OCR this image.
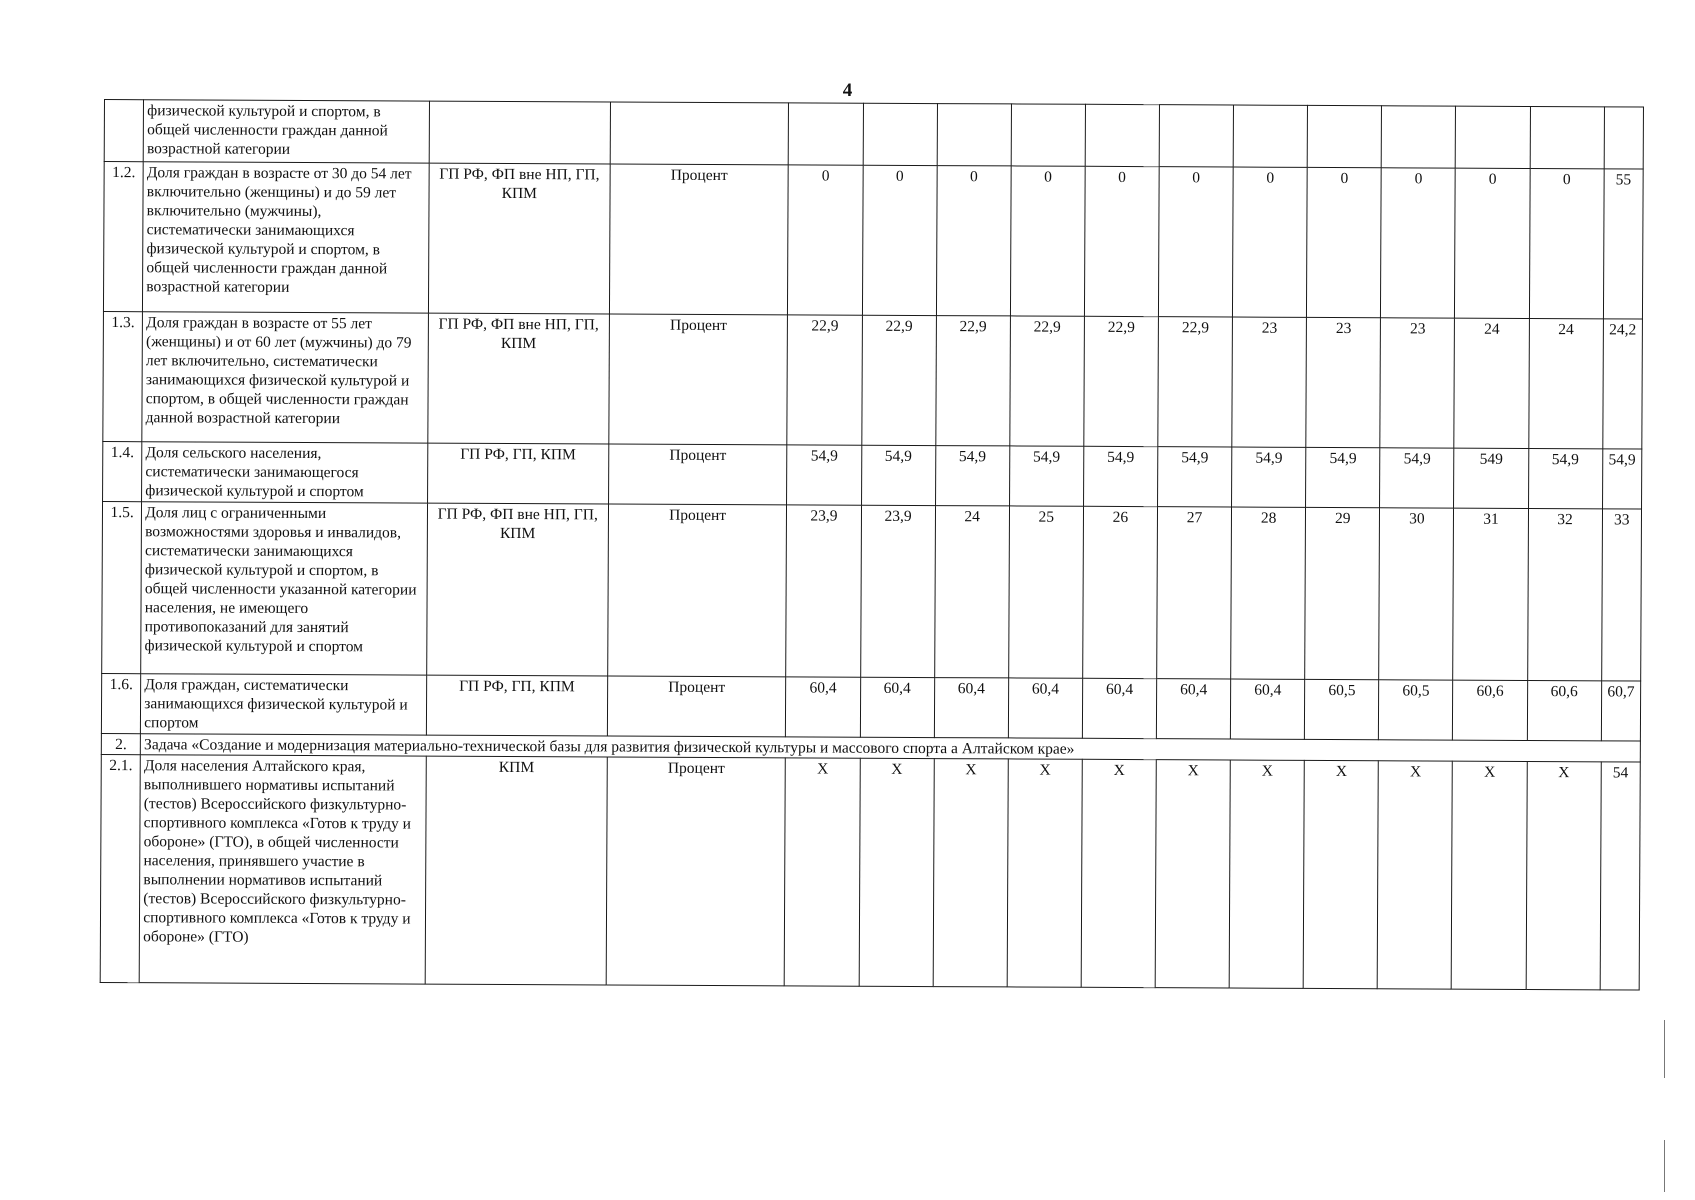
4
	физической культурой и спортом, в общей численности граждан данной возрастной категории														
1.2.	Доля граждан в возрасте от 30 до 54 лет включительно (женщины) и до 59 лет включительно (мужчины), систематически занимающихся физической культурой и спортом, в общей численности граждан данной возрастной категории	ГП РФ, ФП вне НП, ГП, КПМ	Процент	0	0	0	0	0	0	0	0	0	0	0	55
1.3.	Доля граждан в возрасте от 55 лет (женщины) и от 60 лет (мужчины) до 79 лет включительно, систематически занимающихся физической культурой и спортом, в общей численности граждан данной возрастной категории	ГП РФ, ФП вне НП, ГП, КПМ	Процент	22,9	22,9	22,9	22,9	22,9	22,9	23	23	23	24	24	24,2
1.4.	Доля сельского населения, систематически занимающегося физической культурой и спортом	ГП РФ, ГП, КПМ	Процент	54,9	54,9	54,9	54,9	54,9	54,9	54,9	54,9	54,9	549	54,9	54,9
1.5.	Доля лиц с ограниченными возможностями здоровья и инвалидов, систематически занимающихся физической культурой и спортом, в общей численности указанной категории населения, не имеющего противопоказаний для занятий физической культурой и спортом	ГП РФ, ФП вне НП, ГП, КПМ	Процент	23,9	23,9	24	25	26	27	28	29	30	31	32	33
1.6.	Доля граждан, систематически занимающихся физической культурой и спортом	ГП РФ, ГП, КПМ	Процент	60,4	60,4	60,4	60,4	60,4	60,4	60,4	60,5	60,5	60,6	60,6	60,7
2.	Задача «Создание и модернизация материально-технической базы для развития физической культуры и массового спорта а Алтайском крае»														
2.1.	Доля населения Алтайского края, выполнившего нормативы испытаний (тестов) Всероссийского физкультурно-спортивного комплекса «Готов к труду и обороне» (ГТО), в общей численности населения, принявшего участие в выполнении нормативов испытаний (тестов) Всероссийского физкультурно-спортивного комплекса «Готов к труду и обороне» (ГТО)	КПМ	Процент	Х	Х	Х	Х	Х	Х	Х	Х	Х	Х	Х	54
